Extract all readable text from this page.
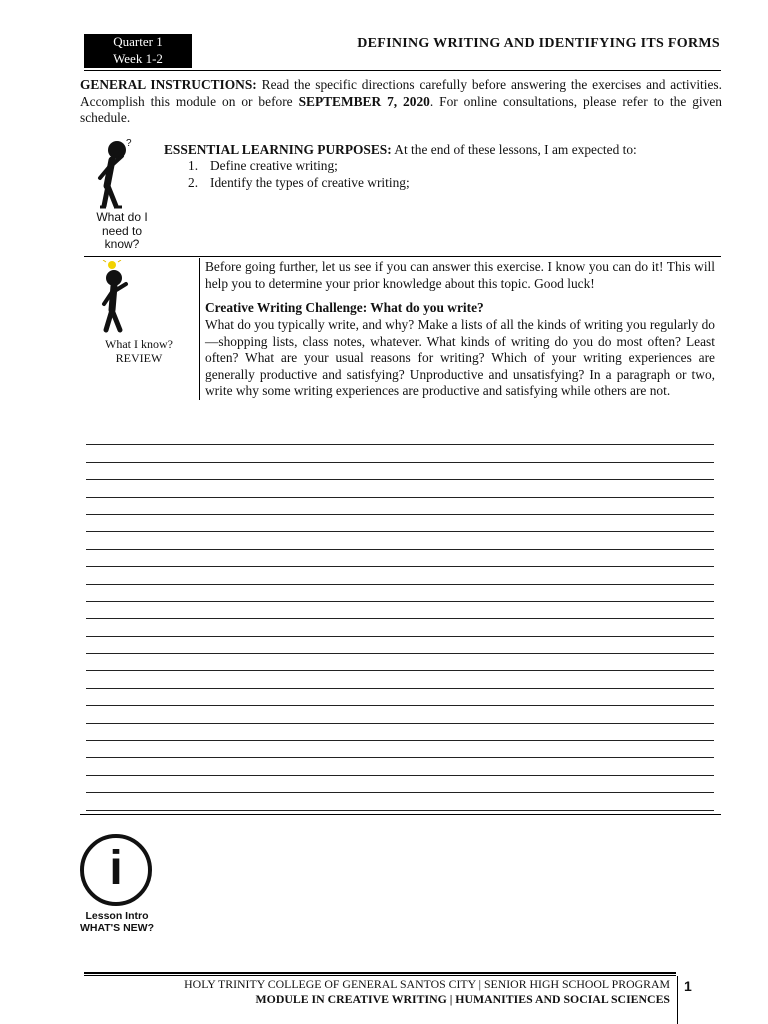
Quarter 1
Week 1-2
DEFINING WRITING AND IDENTIFYING ITS FORMS
GENERAL INSTRUCTIONS: Read the specific directions carefully before answering the exercises and activities. Accomplish this module on or before SEPTEMBER 7, 2020. For online consultations, please refer to the given schedule.
?
What do I need to know?
ESSENTIAL LEARNING PURPOSES: At the end of these lessons, I am expected to:
1. Define creative writing;
2. Identify the types of creative writing;
What I know?
REVIEW
Before going further, let us see if you can answer this exercise. I know you can do it! This will help you to determine your prior knowledge about this topic. Good luck!
Creative Writing Challenge: What do you write?
What do you typically write, and why? Make a lists of all the kinds of writing you regularly do—shopping lists, class notes, whatever. What kinds of writing do you do most often? Least often? What are your usual reasons for writing? Which of your writing experiences are generally productive and satisfying? Unproductive and unsatisfying? In a paragraph or two, write why some writing experiences are productive and satisfying while others are not.
i
Lesson Intro
WHAT'S NEW?
HOLY TRINITY COLLEGE OF GENERAL SANTOS CITY | SENIOR HIGH SCHOOL PROGRAM
MODULE IN CREATIVE WRITING | HUMANITIES AND SOCIAL SCIENCES
1
